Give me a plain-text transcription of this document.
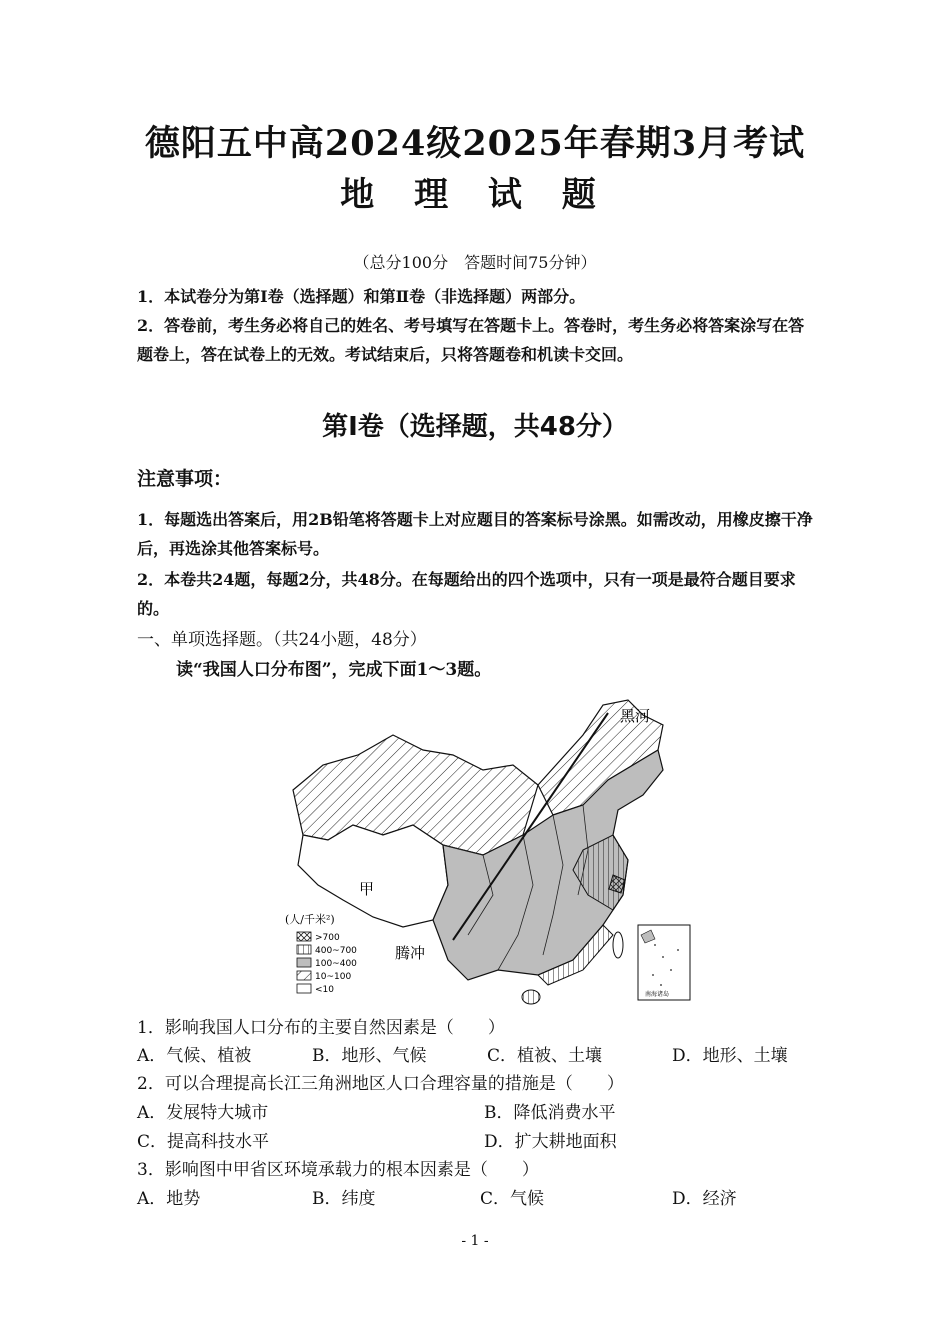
德阳五中高2024级2025年春期3月考试
地 理 试 题
（总分100分　答题时间75分钟）
1．本试卷分为第Ⅰ卷（选择题）和第Ⅱ卷（非选择题）两部分。
2．答卷前，考生务必将自己的姓名、考号填写在答题卡上。答卷时，考生务必将答案涂写在答题卷上，答在试卷上的无效。考试结束后，只将答题卷和机读卡交回。
第Ⅰ卷（选择题，共48分）
注意事项：
1．每题选出答案后，用2B铅笔将答题卡上对应题目的答案标号涂黑。如需改动，用橡皮擦干净后，再选涂其他答案标号。
2．本卷共24题，每题2分，共48分。在每题给出的四个选项中，只有一项是最符合题目要求的。
一、单项选择题。（共24小题，48分）
读“我国人口分布图”，完成下面1～3题。
黑河
腾冲
甲
(人/千米²)
>700
400~700
100~400
10~100
<10	南海诸岛
1．影响我国人口分布的主要自然因素是（　　）
A．气候、植被	B．地形、气候	C．植被、土壤	D．地形、土壤
2．可以合理提高长江三角洲地区人口合理容量的措施是（　　）
A．发展特大城市	B．降低消费水平
C．提高科技水平	D．扩大耕地面积
3．影响图中甲省区环境承载力的根本因素是（　　）
A．地势	B．纬度	C．气候	D．经济
- 1 -
